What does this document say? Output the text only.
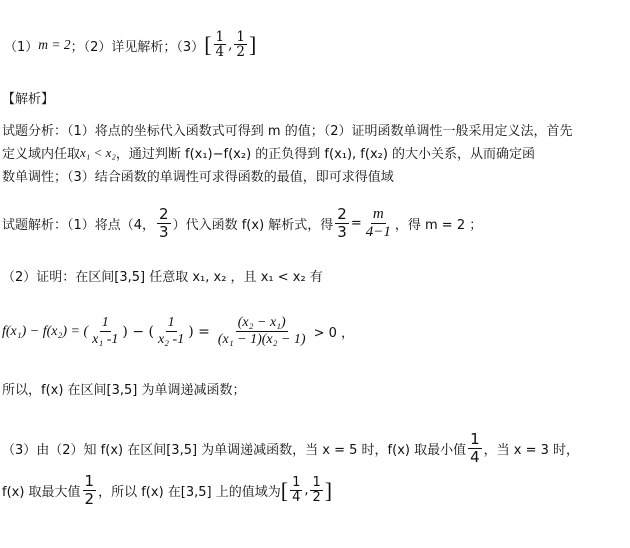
（1） m = 2 ；（2）详见解析；（3） [ $\frac{1}{4}$ , $\frac{1}{2}$ ]
【解析】
试题分析：（1）将点的坐标代入函数式可得到 m 的值；（2）证明函数单调性一般采用定义法，首先
定义域内任取 x₁ < x₂ ，通过判断 f(x₁)−f(x₂) 的正负得到 f(x₁), f(x₂) 的大小关系，从而确定函
数单调性；（3）结合函数的单调性可求得函数的最值，即可求得值域
试题解析：（1）将点（4， $\frac{2}{3}$ ）代入函数 f(x) 解析式，得 $\frac{2}{3} = \frac{m}{4-1}$ ，得 m = 2 ；
（2）证明：在区间[3,5] 任意取 x₁, x₂ ，且 x₁ < x₂ 有
f(x₁) − f(x₂) = ( $\frac{1}{\text{x₁ -1}}$ ) − ( $\frac{1}{\text{x₂ -1}}$ ) = $\frac{\text{(x₂ − x₁)}}{\text{(x₁ − 1)(x₂ − 1)}} > 0$ ，
所以，f(x) 在区间[3,5] 为单调递减函数；
（3）由（2）知 f(x) 在区间[3,5] 为单调递减函数，当 x = 5 时，f(x) 取最小值 $\frac{1}{4}$ ，当 x = 3 时，
f(x) 取最大值 $\frac{1}{2}$ ，所以 f(x) 在[3,5] 上的值域为 [ $\frac{1}{4}$ , $\frac{1}{2}$ ]
